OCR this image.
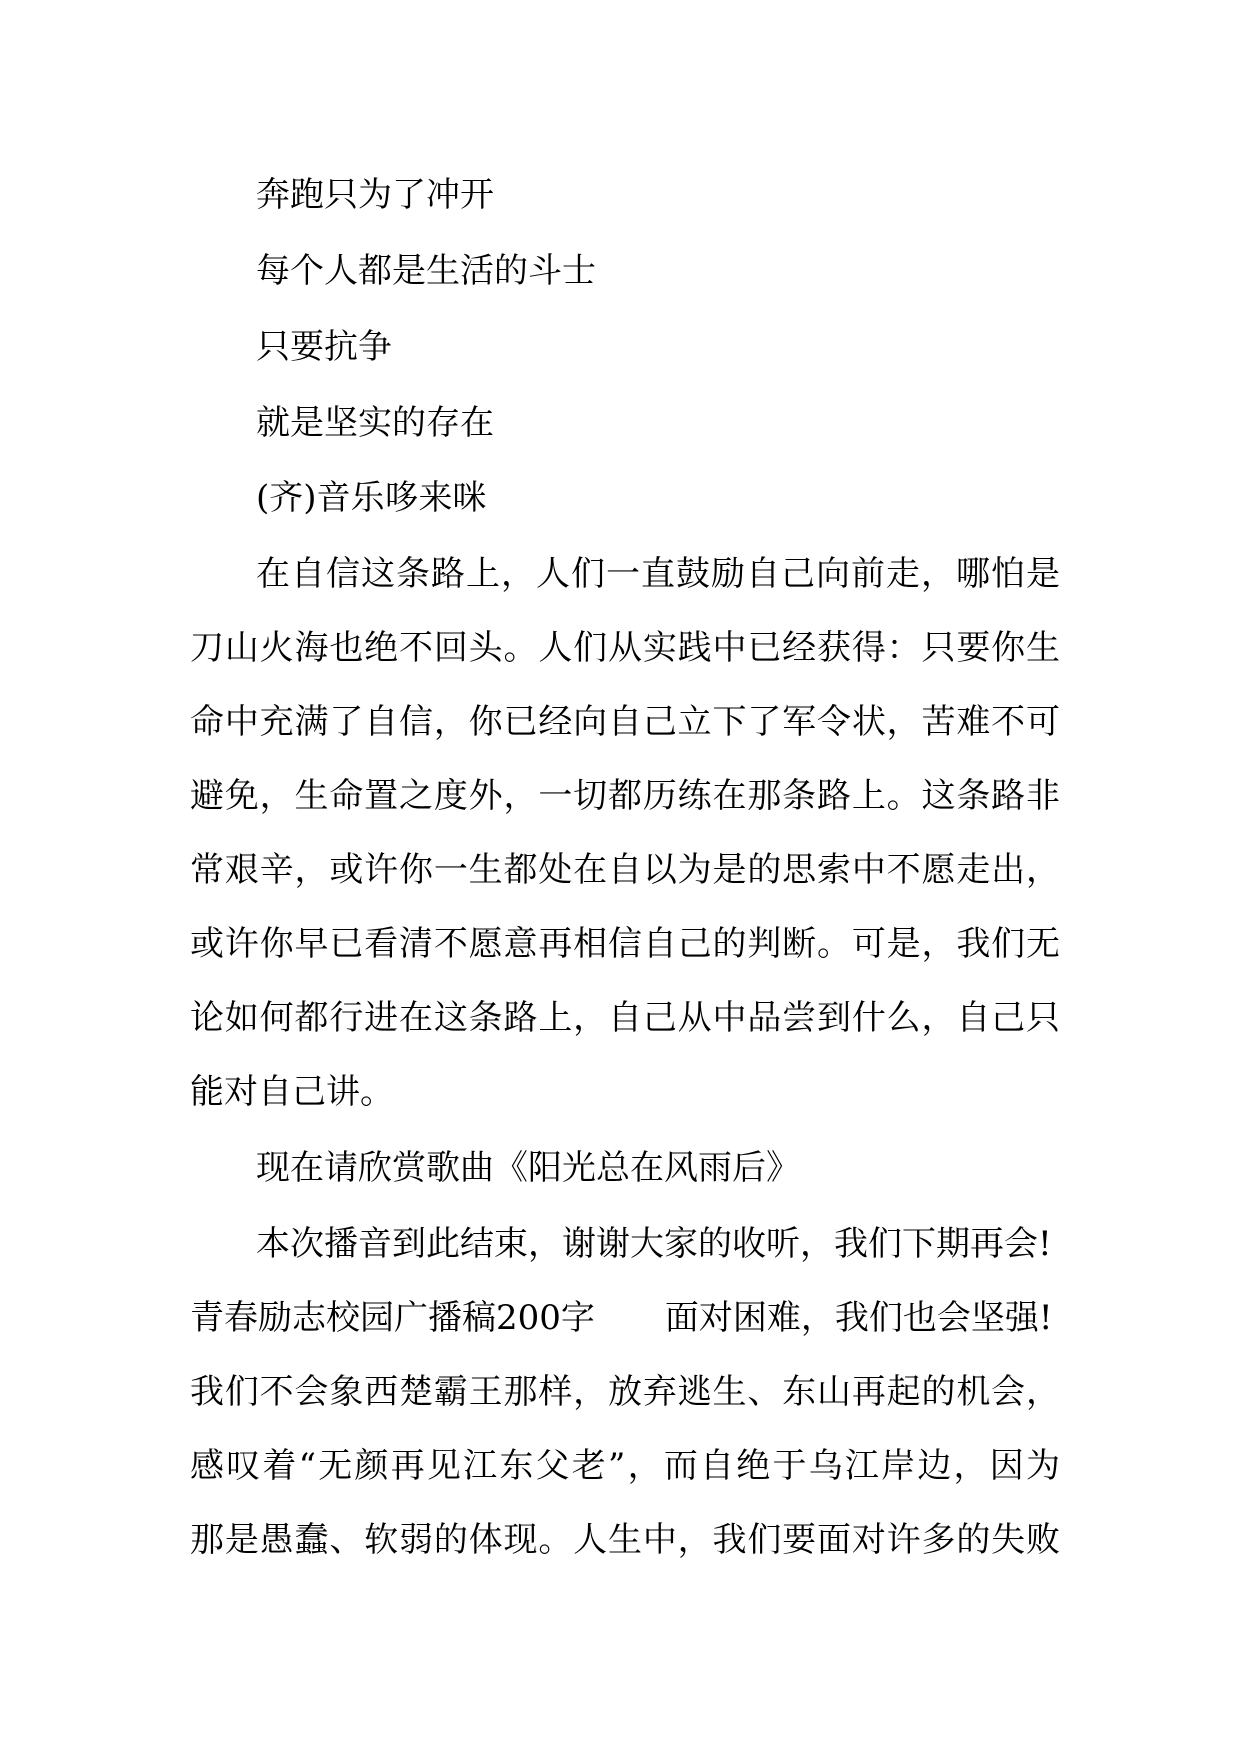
奔跑只为了冲开
每个人都是生活的斗士
只要抗争
就是坚实的存在
(齐)音乐哆来咪
在自信这条路上，人们一直鼓励自己向前走，哪怕是
刀山火海也绝不回头。人们从实践中已经获得：只要你生
命中充满了自信，你已经向自己立下了军令状，苦难不可
避免，生命置之度外，一切都历练在那条路上。这条路非
常艰辛，或许你一生都处在自以为是的思索中不愿走出，
或许你早已看清不愿意再相信自己的判断。可是，我们无
论如何都行进在这条路上，自己从中品尝到什么，自己只
能对自己讲。
现在请欣赏歌曲《阳光总在风雨后》
本次播音到此结束，谢谢大家的收听，我们下期再会!
青春励志校园广播稿200字 面对困难，我们也会坚强!
我们不会象西楚霸王那样，放弃逃生、东山再起的机会，
感叹着“无颜再见江东父老”，而自绝于乌江岸边，因为
那是愚蠢、软弱的体现。人生中，我们要面对许多的失败
